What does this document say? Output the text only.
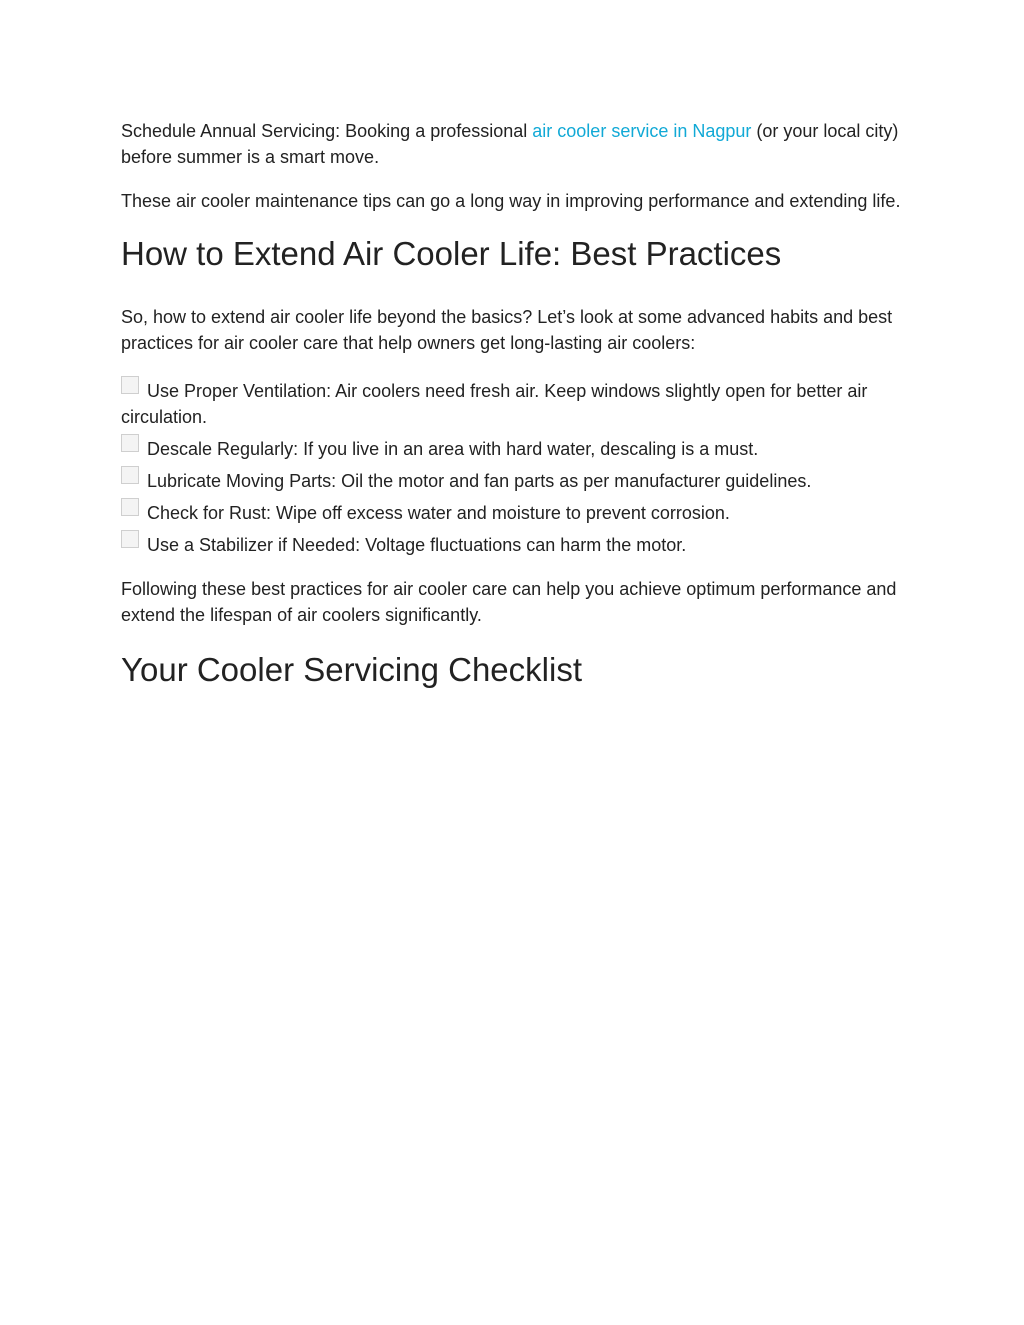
Schedule Annual Servicing: Booking a professional air cooler service in Nagpur (or your local city) before summer is a smart move.

These air cooler maintenance tips can go a long way in improving performance and extending life.

How to Extend Air Cooler Life: Best Practices

So, how to extend air cooler life beyond the basics? Let’s look at some advanced habits and best practices for air cooler care that help owners get long-lasting air coolers:

Use Proper Ventilation: Air coolers need fresh air. Keep windows slightly open for better air circulation.
Descale Regularly: If you live in an area with hard water, descaling is a must.
Lubricate Moving Parts: Oil the motor and fan parts as per manufacturer guidelines.
Check for Rust: Wipe off excess water and moisture to prevent corrosion.
Use a Stabilizer if Needed: Voltage fluctuations can harm the motor.

Following these best practices for air cooler care can help you achieve optimum performance and extend the lifespan of air coolers significantly.

Your Cooler Servicing Checklist
